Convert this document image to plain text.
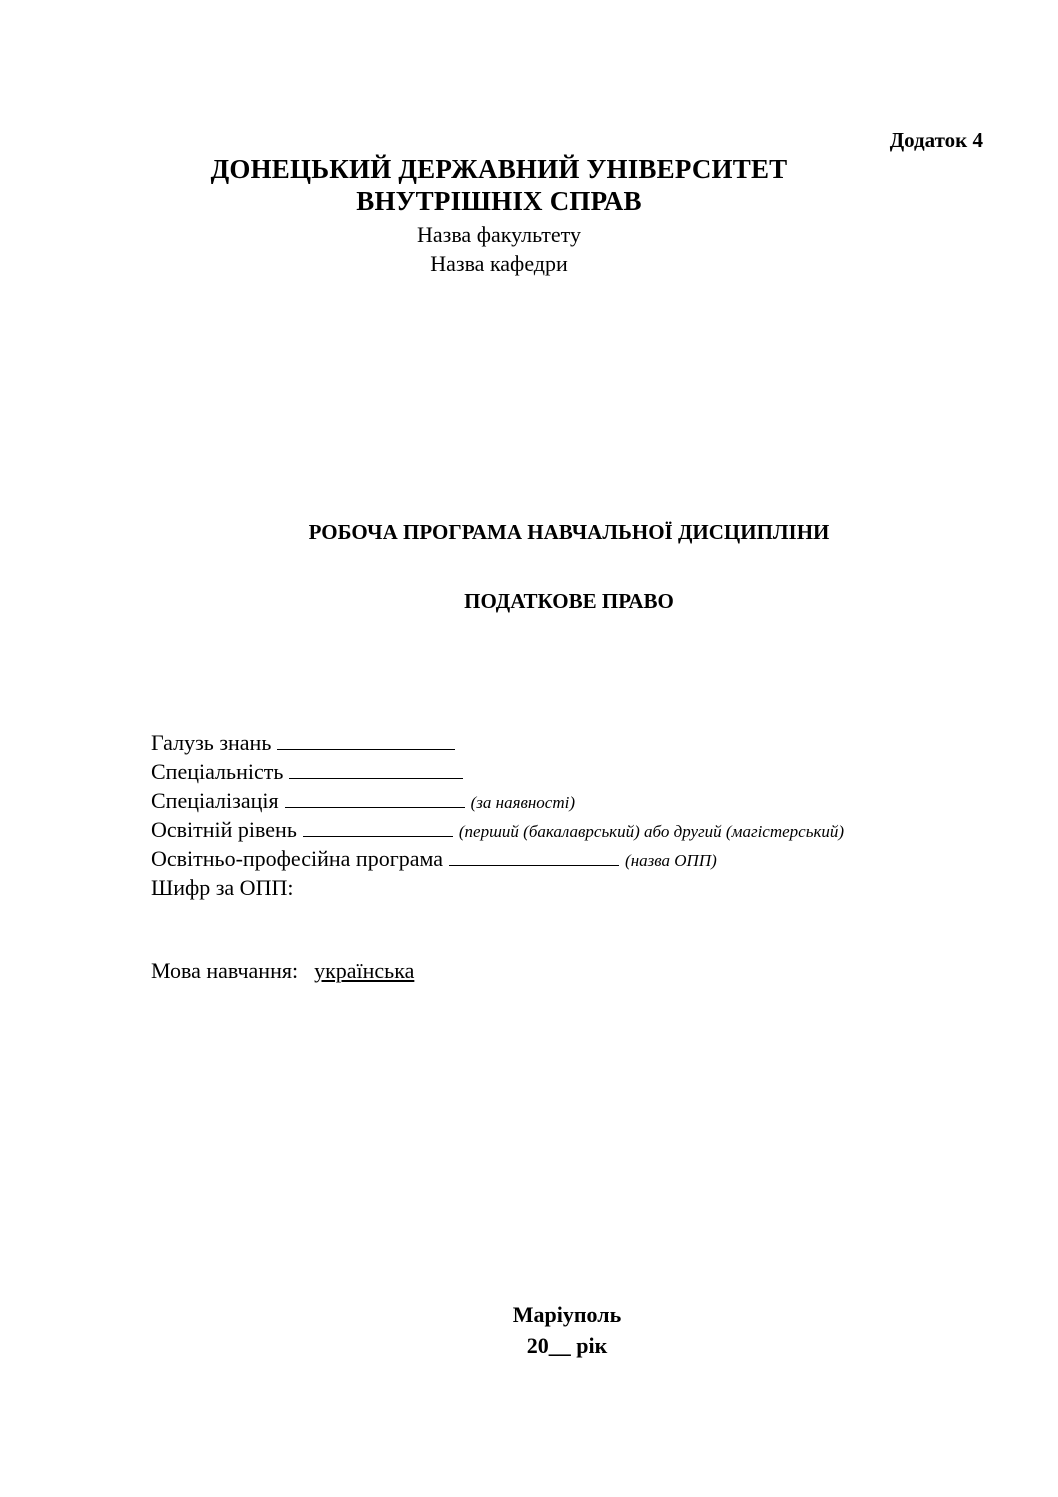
Додаток 4
ДОНЕЦЬКИЙ ДЕРЖАВНИЙ УНІВЕРСИТЕТ
ВНУТРІШНІХ СПРАВ
Назва факультету
Назва кафедри
РОБОЧА ПРОГРАМА НАВЧАЛЬНОЇ ДИСЦИПЛІНИ
ПОДАТКОВЕ ПРАВО
Галузь знань
Спеціальність
Спеціалізація	(за наявності)
Освітній рівень	(перший (бакалаврський) або другий (магістерський)
Освітньо-професійна програма	(назва ОПП)
Шифр за ОПП:
Мова навчання: українська
Маріуполь
20__ рік
